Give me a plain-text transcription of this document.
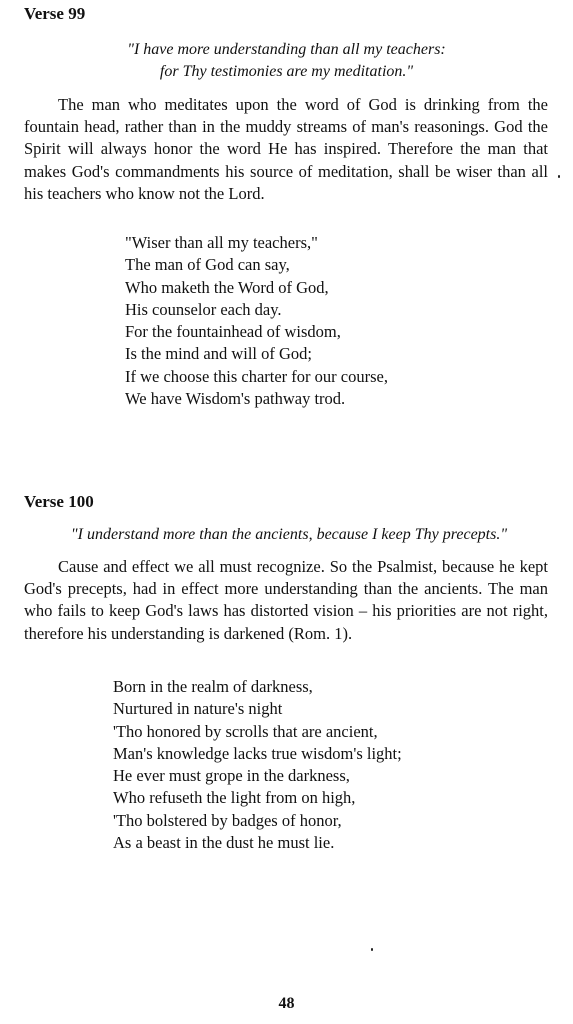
Verse 99
"I have more understanding than all my teachers:
for Thy testimonies are my meditation."

The man who meditates upon the word of God is drinking from the fountain head, rather than in the muddy streams of man's reasonings. God the Spirit will always honor the word He has inspired. Therefore the man that makes God's commandments his source of meditation, shall be wiser than all his teachers who know not the Lord.

"Wiser than all my teachers,"
The man of God can say,
Who maketh the Word of God,
His counselor each day.
For the fountainhead of wisdom,
Is the mind and will of God;
If we choose this charter for our course,
We have Wisdom's pathway trod.
Verse 100
"I understand more than the ancients, because I keep Thy precepts."

Cause and effect we all must recognize. So the Psalmist, because he kept God's precepts, had in effect more understanding than the ancients. The man who fails to keep God's laws has distorted vision – his priorities are not right, therefore his understanding is darkened (Rom. 1).

Born in the realm of darkness,
Nurtured in nature's night
'Tho honored by scrolls that are ancient,
Man's knowledge lacks true wisdom's light;
He ever must grope in the darkness,
Who refuseth the light from on high,
'Tho bolstered by badges of honor,
As a beast in the dust he must lie.
48
